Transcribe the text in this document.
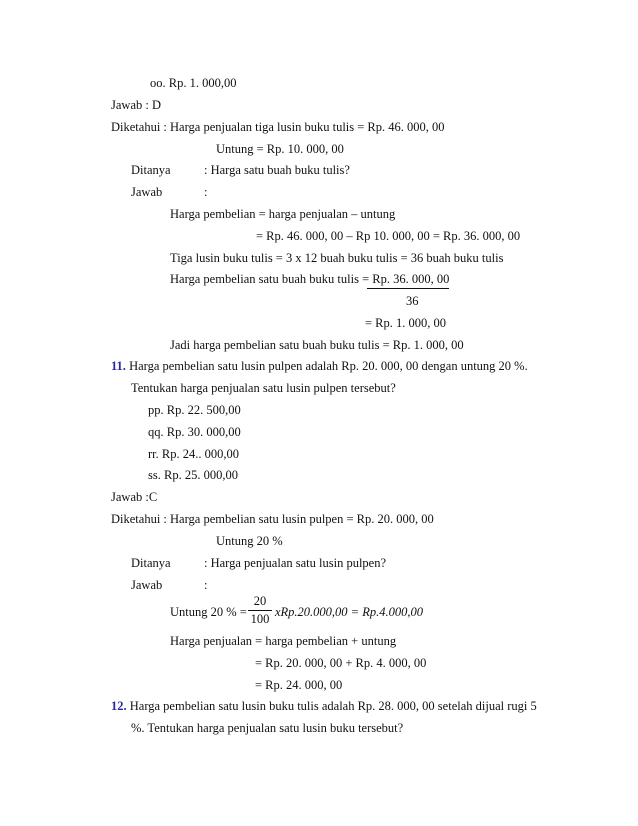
oo. Rp. 1. 000,00
Jawab : D
Diketahui : Harga penjualan tiga lusin buku tulis = Rp. 46. 000, 00
Untung = Rp. 10. 000, 00
Ditanya	: Harga satu buah buku tulis?
Jawab	:
Harga pembelian = harga penjualan – untung
= Rp. 46. 000, 00 – Rp 10. 000, 00 = Rp. 36. 000, 00
Tiga lusin buku tulis = 3 x 12 buah buku tulis = 36 buah buku tulis
Harga pembelian satu buah buku tulis = Rp. 36. 000, 00
36
= Rp. 1. 000, 00
Jadi harga pembelian satu buah buku tulis = Rp. 1. 000, 00
11. Harga pembelian satu lusin pulpen adalah Rp. 20. 000, 00 dengan untung 20 %.
Tentukan harga penjualan satu lusin pulpen tersebut?
pp. Rp. 22. 500,00
qq. Rp. 30. 000,00
rr. Rp. 24.. 000,00
ss. Rp. 25. 000,00
Jawab :C
Diketahui : Harga pembelian satu lusin pulpen = Rp. 20. 000, 00
Untung 20 %
Ditanya	: Harga penjualan satu lusin pulpen?
Jawab	:
Untung 20 % =
20
100 xRp.20.000,00 = Rp.4.000,00
Harga penjualan = harga pembelian + untung
= Rp. 20. 000, 00 + Rp. 4. 000, 00
= Rp. 24. 000, 00
12. Harga pembelian satu lusin buku tulis adalah Rp. 28. 000, 00 setelah dijual rugi 5
%. Tentukan harga penjualan satu lusin buku tersebut?
